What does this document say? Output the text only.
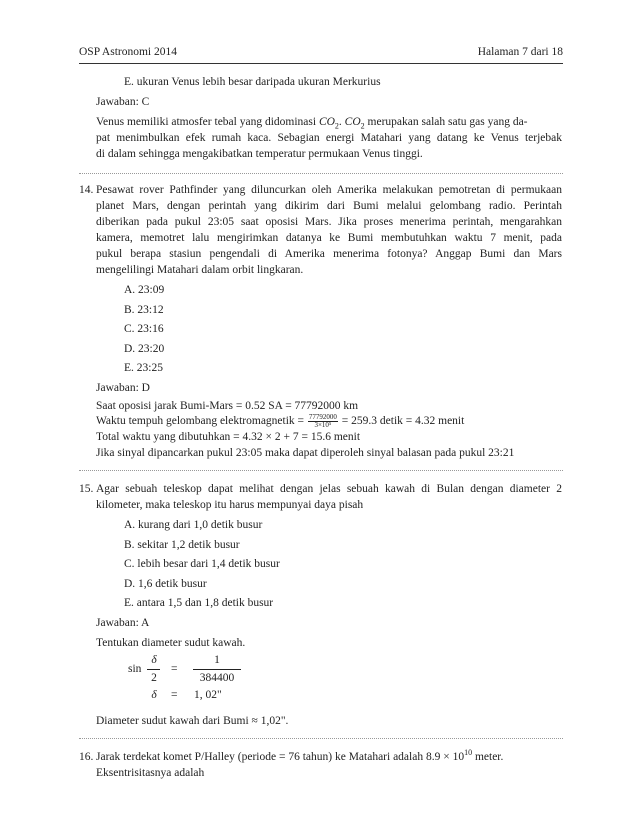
OSP Astronomi 2014	Halaman 7 dari 18
E. ukuran Venus lebih besar daripada ukuran Merkurius
Jawaban: C
Venus memiliki atmosfer tebal yang didominasi $CO_2$. $CO_2$ merupakan salah satu gas yang da-
pat menimbulkan efek rumah kaca. Sebagian energi Matahari yang datang ke Venus terjebak
di dalam sehingga mengakibatkan temperatur permukaan Venus tinggi.
14. Pesawat rover Pathfinder yang diluncurkan oleh Amerika melakukan pemotretan di permukaan
planet Mars, dengan perintah yang dikirim dari Bumi melalui gelombang radio. Perintah
diberikan pada pukul 23:05 saat oposisi Mars. Jika proses menerima perintah, mengarahkan
kamera, memotret lalu mengirimkan datanya ke Bumi membutuhkan waktu 7 menit, pada
pukul berapa stasiun pengendali di Amerika menerima fotonya? Anggap Bumi dan Mars
mengelilingi Matahari dalam orbit lingkaran.
A. 23:09
B. 23:12
C. 23:16
D. 23:20
E. 23:25
Jawaban: D
Saat oposisi jarak Bumi-Mars = 0.52 SA = 77792000 km
Waktu tempuh gelombang elektromagnetik = $\frac{77792000}{\text{3×10⁵}} = 259.3$ detik = 4.32 menit
Total waktu yang dibutuhkan = 4.32 × 2 + 7 = 15.6 menit
Jika sinyal dipancarkan pukul 23:05 maka dapat diperoleh sinyal balasan pada pukul 23:21
15. Agar sebuah teleskop dapat melihat dengan jelas sebuah kawah di Bulan dengan diameter 2
kilometer, maka teleskop itu harus mempunyai daya pisah
A. kurang dari 1,0 detik busur
B. sekitar 1,2 detik busur
C. lebih besar dari 1,4 detik busur
D. 1,6 detik busur
E. antara 1,5 dan 1,8 detik busur
Jawaban: A
Tentukan diameter sudut kawah.
sin
δ
2
=
1
384400
δ = 1, 02"
Diameter sudut kawah dari Bumi ≈ 1,02".
16. Jarak terdekat komet P/Halley (periode = 76 tahun) ke Matahari adalah $8.9 \times 10^{10}$ meter.
Eksentrisitasnya adalah
